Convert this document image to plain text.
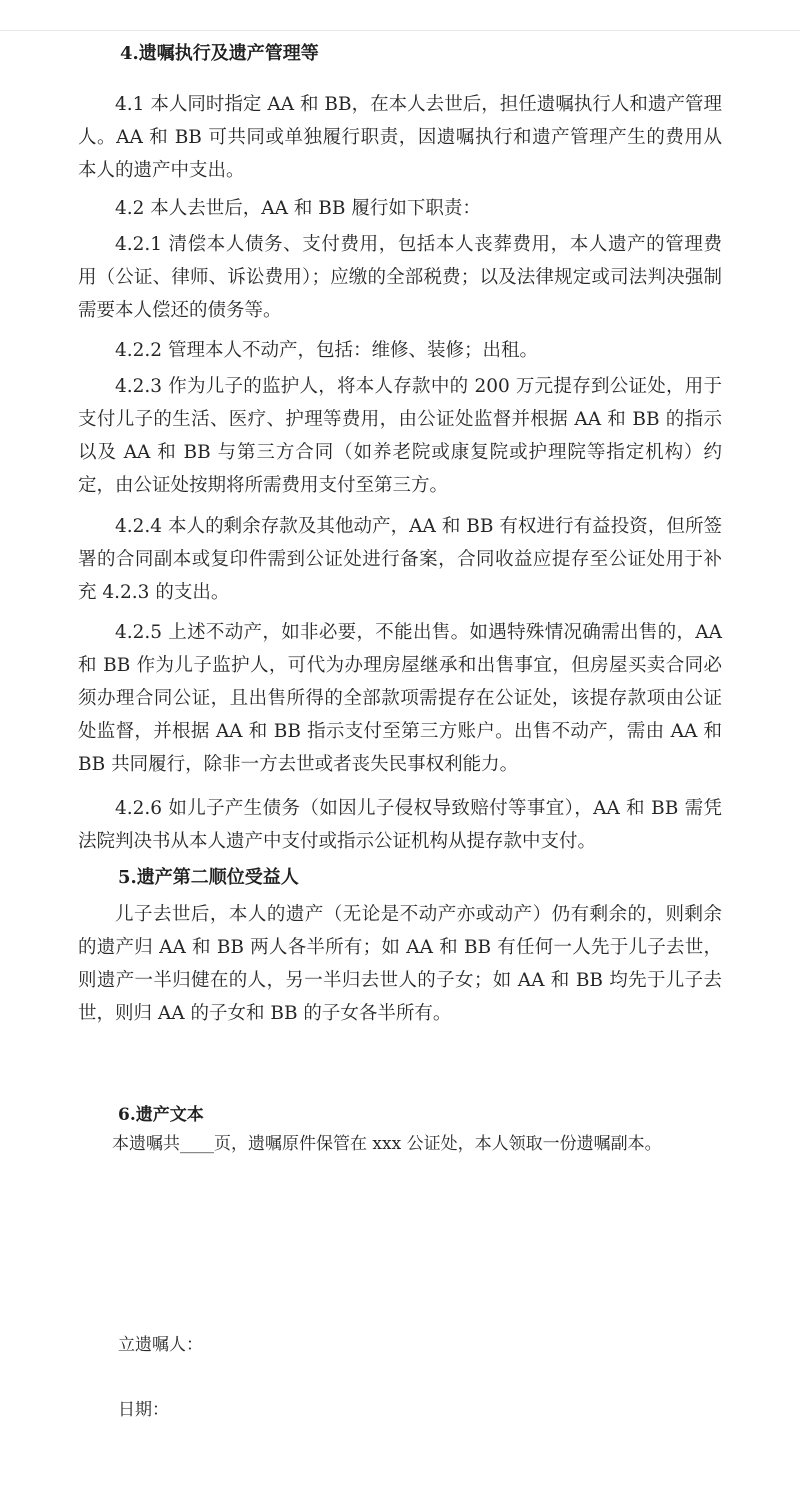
4.遗嘱执行及遗产管理等

4.1 本人同时指定 AA 和 BB，在本人去世后，担任遗嘱执行人和遗产管理人。AA 和 BB 可共同或单独履行职责，因遗嘱执行和遗产管理产生的费用从本人的遗产中支出。

4.2 本人去世后，AA 和 BB 履行如下职责：

4.2.1 清偿本人债务、支付费用，包括本人丧葬费用，本人遗产的管理费用（公证、律师、诉讼费用）；应缴的全部税费；以及法律规定或司法判决强制需要本人偿还的债务等。

4.2.2 管理本人不动产，包括：维修、装修；出租。

4.2.3 作为儿子的监护人，将本人存款中的 200 万元提存到公证处，用于支付儿子的生活、医疗、护理等费用，由公证处监督并根据 AA 和 BB 的指示以及 AA 和 BB 与第三方合同（如养老院或康复院或护理院等指定机构）约定，由公证处按期将所需费用支付至第三方。

4.2.4 本人的剩余存款及其他动产，AA 和 BB 有权进行有益投资，但所签署的合同副本或复印件需到公证处进行备案，合同收益应提存至公证处用于补充 4.2.3 的支出。

4.2.5 上述不动产，如非必要，不能出售。如遇特殊情况确需出售的，AA 和 BB 作为儿子监护人，可代为办理房屋继承和出售事宜，但房屋买卖合同必须办理合同公证，且出售所得的全部款项需提存在公证处，该提存款项由公证处监督，并根据 AA 和 BB 指示支付至第三方账户。出售不动产，需由 AA 和 BB 共同履行，除非一方去世或者丧失民事权利能力。

4.2.6 如儿子产生债务（如因儿子侵权导致赔付等事宜），AA 和 BB 需凭法院判决书从本人遗产中支付或指示公证机构从提存款中支付。

5.遗产第二顺位受益人

儿子去世后，本人的遗产（无论是不动产亦或动产）仍有剩余的，则剩余的遗产归 AA 和 BB 两人各半所有；如 AA 和 BB 有任何一人先于儿子去世，则遗产一半归健在的人，另一半归去世人的子女；如 AA 和 BB 均先于儿子去世，则归 AA 的子女和 BB 的子女各半所有。

6.遗产文本

本遗嘱共____页，遗嘱原件保管在 xxx 公证处，本人领取一份遗嘱副本。

立遗嘱人：
日期：
